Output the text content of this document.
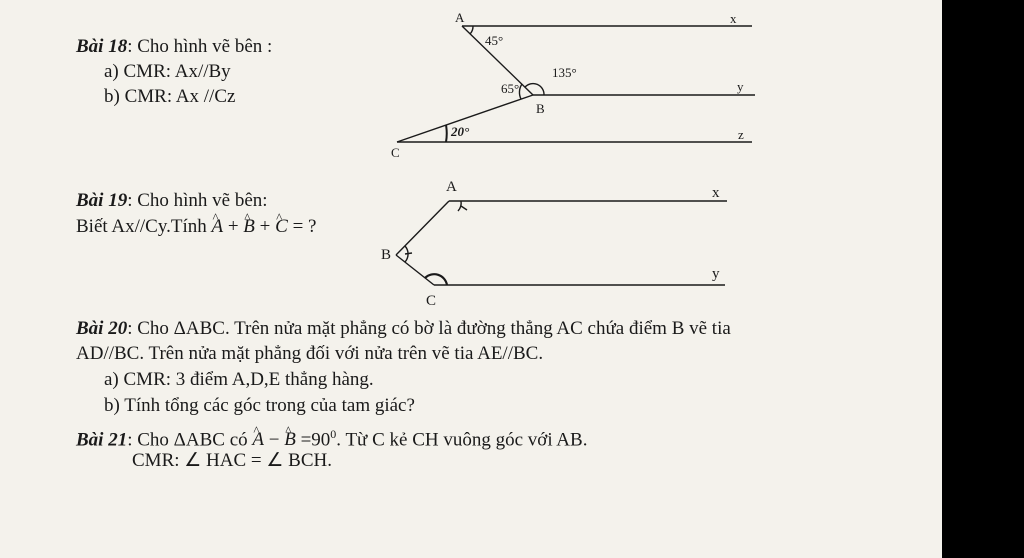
Bài 18: Cho hình vẽ bên :
a) CMR: Ax//By
b) CMR: Ax //Cz
Bài 19: Cho hình vẽ bên:
Biết Ax//Cy.Tính ^ A + ^ B + ^ C = ?
Bài 20: Cho ΔABC. Trên nửa mặt phẳng có bờ là đường thẳng AC chứa điểm B vẽ tia
AD//BC. Trên nửa mặt phẳng đối với nửa trên vẽ tia AE//BC.
a) CMR: 3 điểm A,D,E thẳng hàng.
b) Tính tổng các góc trong của tam giác?
Bài 21: Cho ΔABC có ^ A − ^ $B =90^0$. Từ C kẻ CH vuông góc với AB.
CMR: ∠ HAC = ∠ BCH.
A	x
45°
135°
65°	y
B
20°	z
C
A	x
B
y
C
